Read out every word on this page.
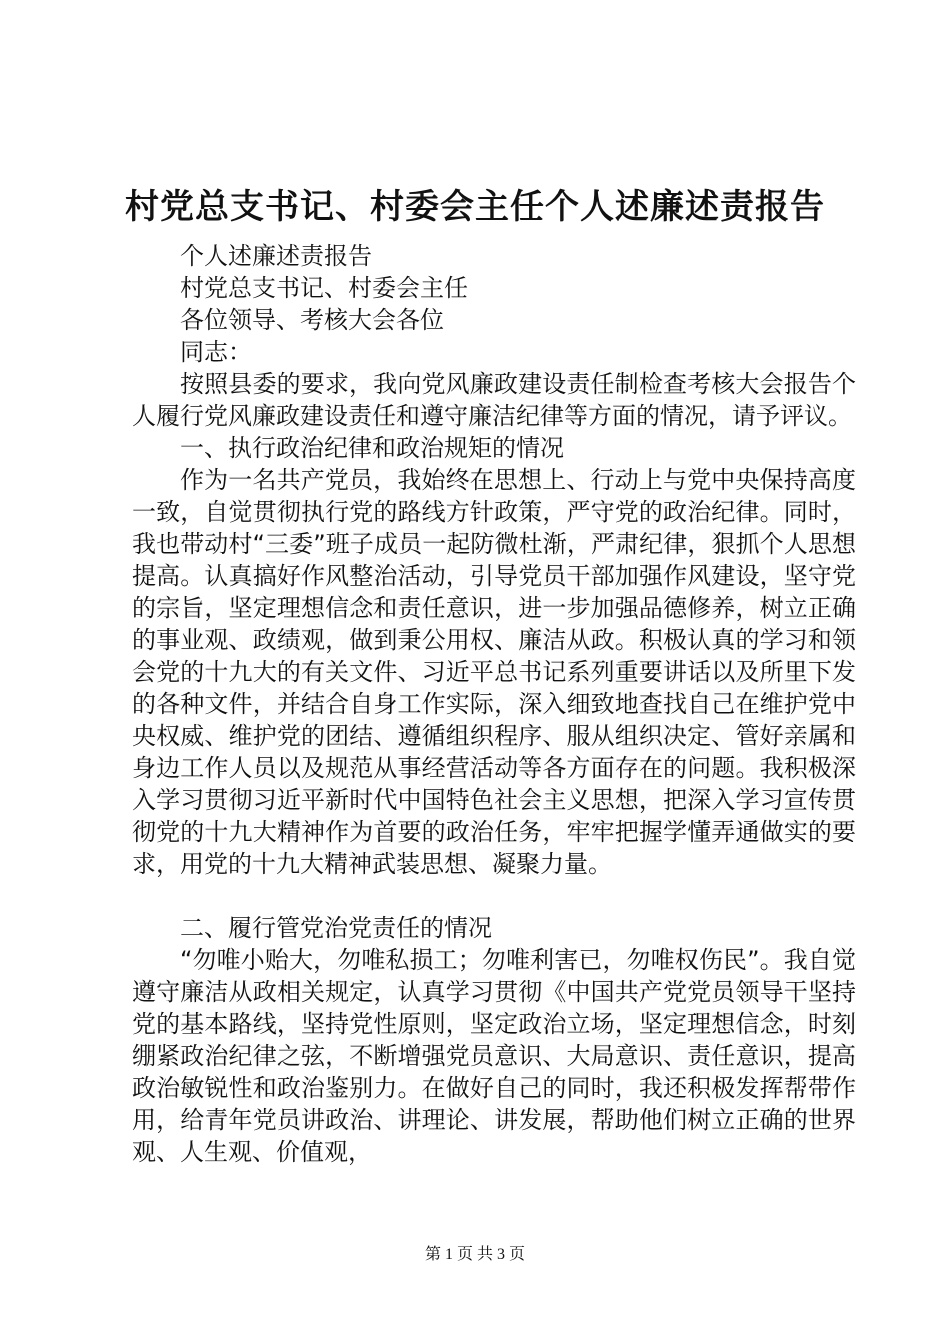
村党总支书记、村委会主任个人述廉述责报告

个人述廉述责报告

村党总支书记、村委会主任

各位领导、考核大会各位

同志：

按照县委的要求，我向党风廉政建设责任制检查考核大会报告个人履行党风廉政建设责任和遵守廉洁纪律等方面的情况，请予评议。

一、执行政治纪律和政治规矩的情况

作为一名共产党员，我始终在思想上、行动上与党中央保持高度一致，自觉贯彻执行党的路线方针政策，严守党的政治纪律。同时，我也带动村“三委”班子成员一起防微杜渐，严肃纪律，狠抓个人思想提高。认真搞好作风整治活动，引导党员干部加强作风建设，坚守党的宗旨，坚定理想信念和责任意识，进一步加强品德修养，树立正确的事业观、政绩观，做到秉公用权、廉洁从政。积极认真的学习和领会党的十九大的有关文件、习近平总书记系列重要讲话以及所里下发的各种文件，并结合自身工作实际，深入细致地查找自己在维护党中央权威、维护党的团结、遵循组织程序、服从组织决定、管好亲属和身边工作人员以及规范从事经营活动等各方面存在的问题。我积极深入学习贯彻习近平新时代中国特色社会主义思想，把深入学习宣传贯彻党的十九大精神作为首要的政治任务，牢牢把握学懂弄通做实的要求，用党的十九大精神武装思想、凝聚力量。

二、履行管党治党责任的情况

“勿唯小贻大，勿唯私损工；勿唯利害已，勿唯权伤民”。我自觉遵守廉洁从政相关规定，认真学习贯彻《中国共产党党员领导干坚持党的基本路线，坚持党性原则，坚定政治立场，坚定理想信念，时刻绷紧政治纪律之弦，不断增强党员意识、大局意识、责任意识，提高政治敏锐性和政治鉴别力。在做好自己的同时，我还积极发挥帮带作用，给青年党员讲政治、讲理论、讲发展，帮助他们树立正确的世界观、人生观、价值观，

第 1 页 共 3 页
